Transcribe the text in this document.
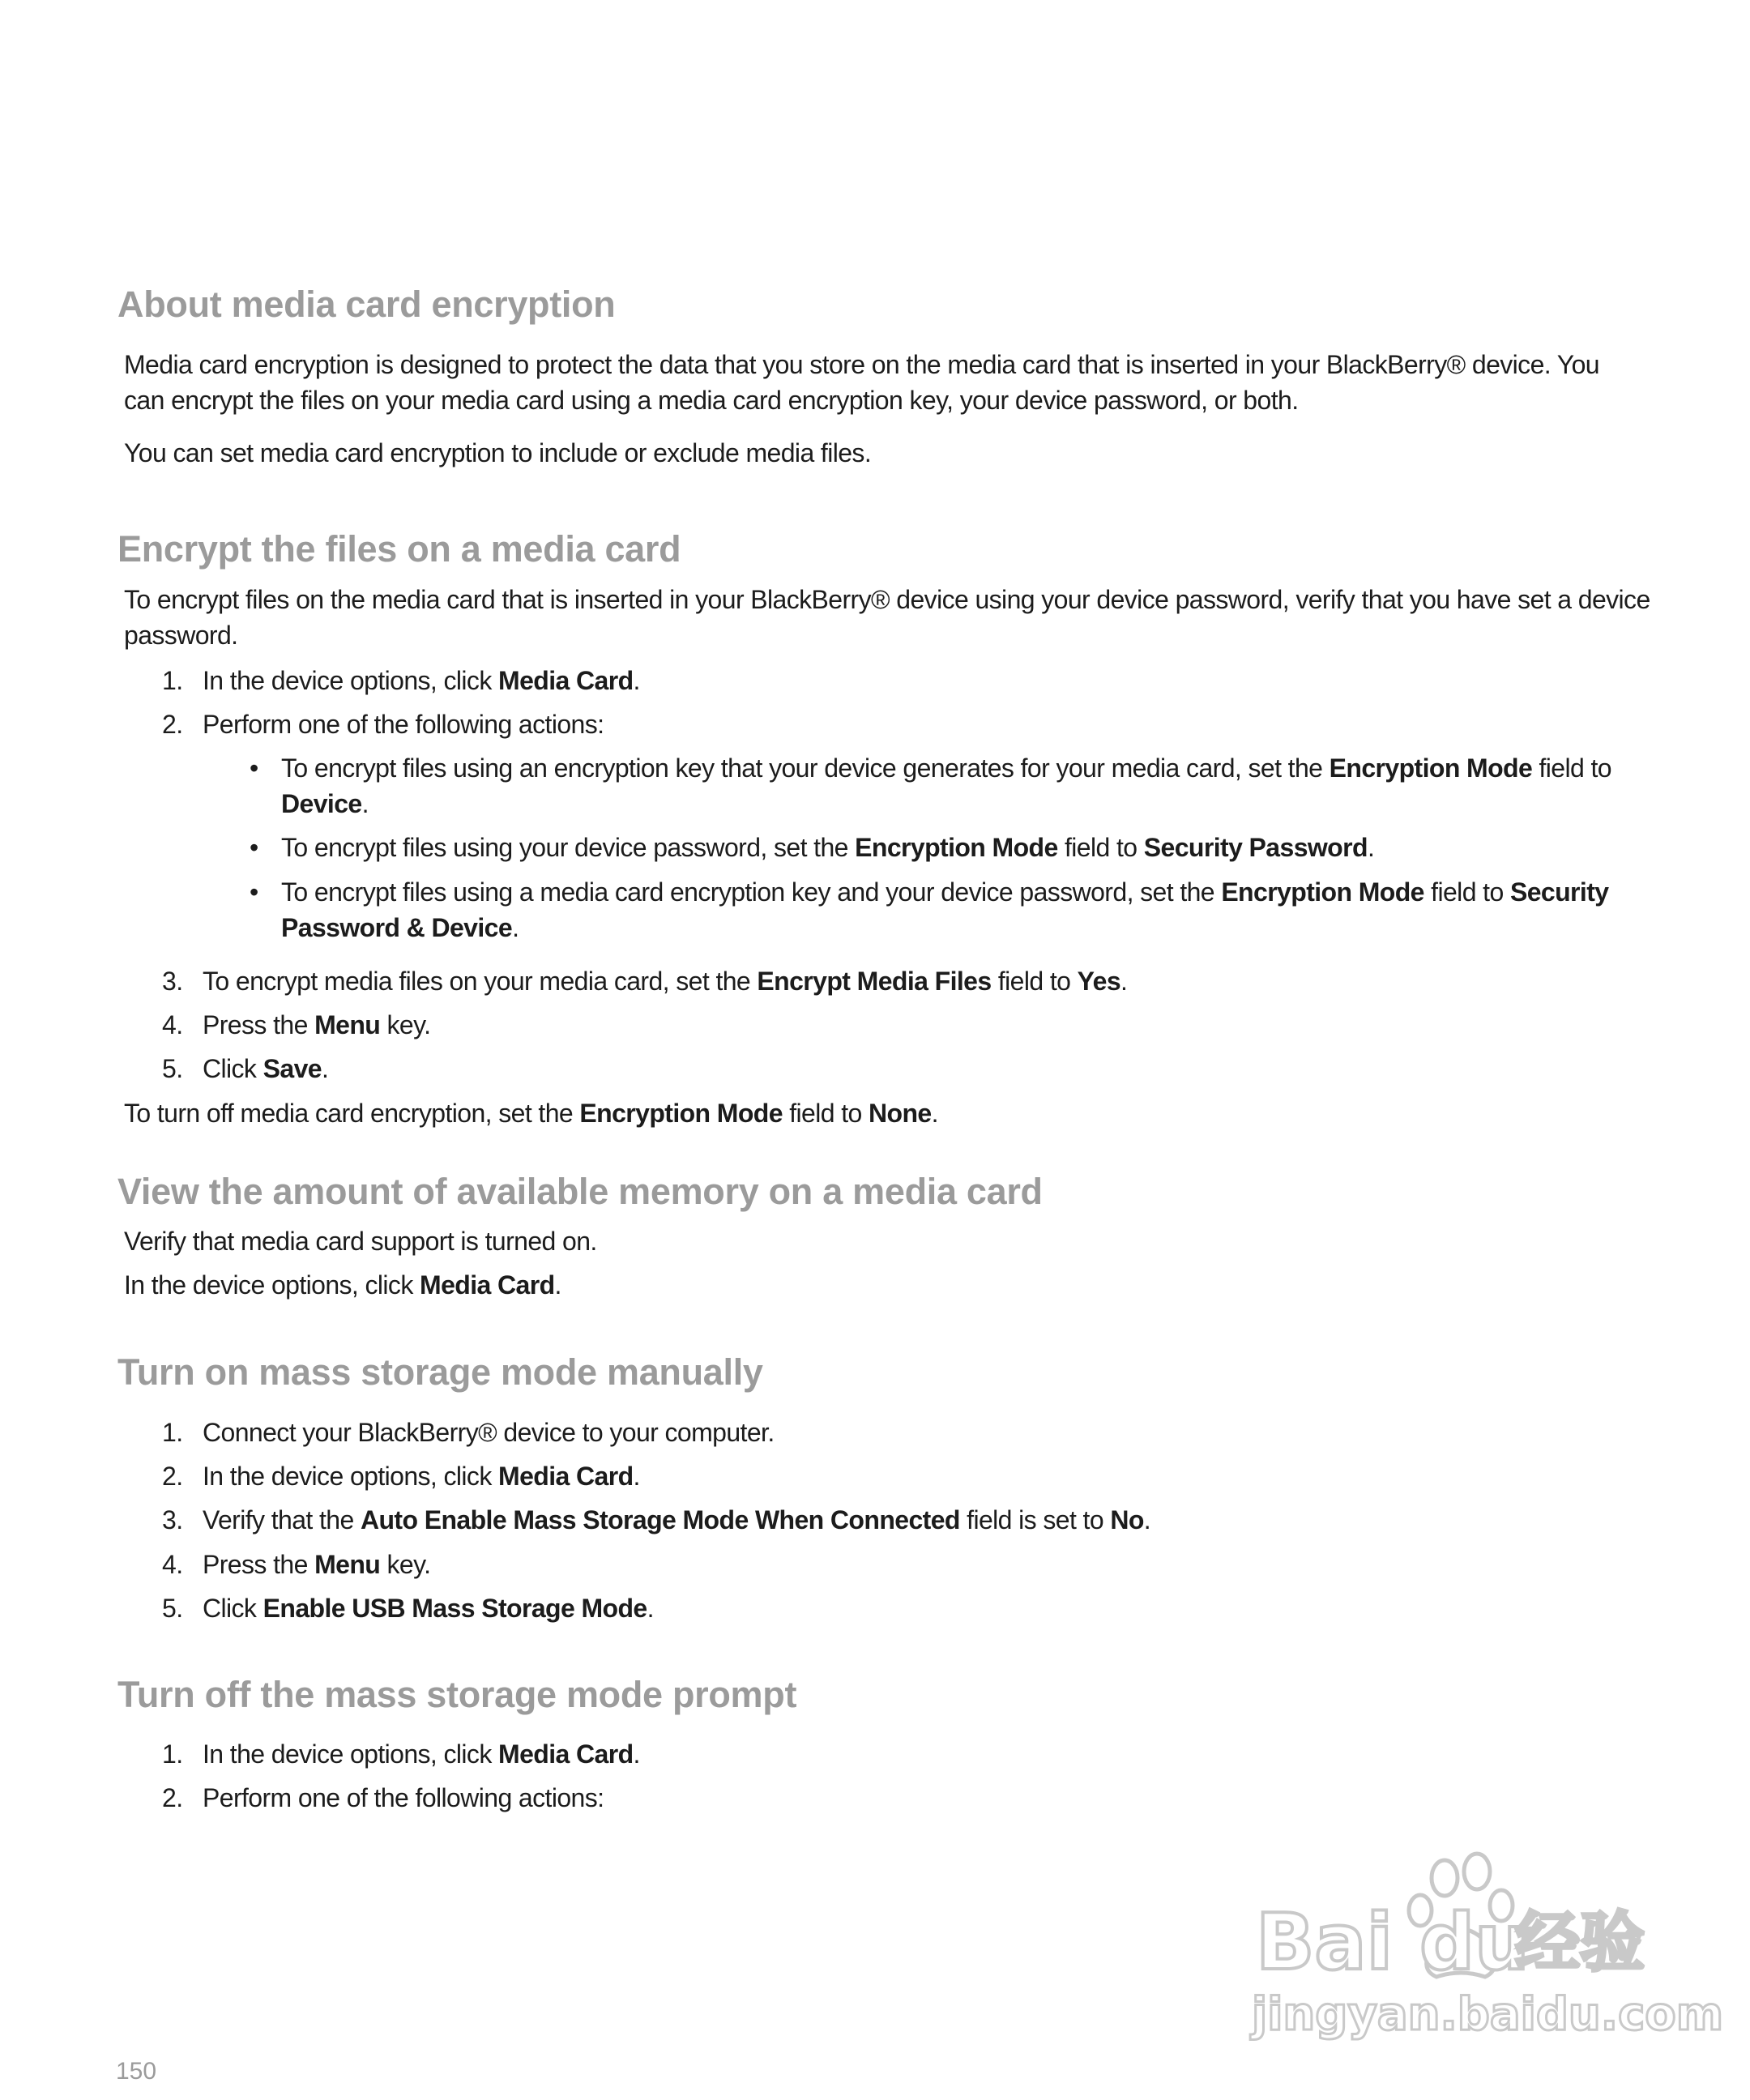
About media card encryption
Media card encryption is designed to protect the data that you store on the media card that is inserted in your BlackBerry® device. You
can encrypt the files on your media card using a media card encryption key, your device password, or both.
You can set media card encryption to include or exclude media files.
Encrypt the files on a media card
To encrypt files on the media card that is inserted in your BlackBerry® device using your device password, verify that you have set a device
password.
1. In the device options, click Media Card.
2. Perform one of the following actions:
• To encrypt files using an encryption key that your device generates for your media card, set the Encryption Mode field to
Device.
• To encrypt files using your device password, set the Encryption Mode field to Security Password.
• To encrypt files using a media card encryption key and your device password, set the Encryption Mode field to Security
Password & Device.
3. To encrypt media files on your media card, set the Encrypt Media Files field to Yes.
4. Press the Menu key.
5. Click Save.
To turn off media card encryption, set the Encryption Mode field to None.
View the amount of available memory on a media card
Verify that media card support is turned on.
In the device options, click Media Card.
Turn on mass storage mode manually
1. Connect your BlackBerry® device to your computer.
2. In the device options, click Media Card.
3. Verify that the Auto Enable Mass Storage Mode When Connected field is set to No.
4. Press the Menu key.
5. Click Enable USB Mass Storage Mode.
Turn off the mass storage mode prompt
1. In the device options, click Media Card.
2. Perform one of the following actions:
Bai du
经验
jingyan.baidu.com
150
